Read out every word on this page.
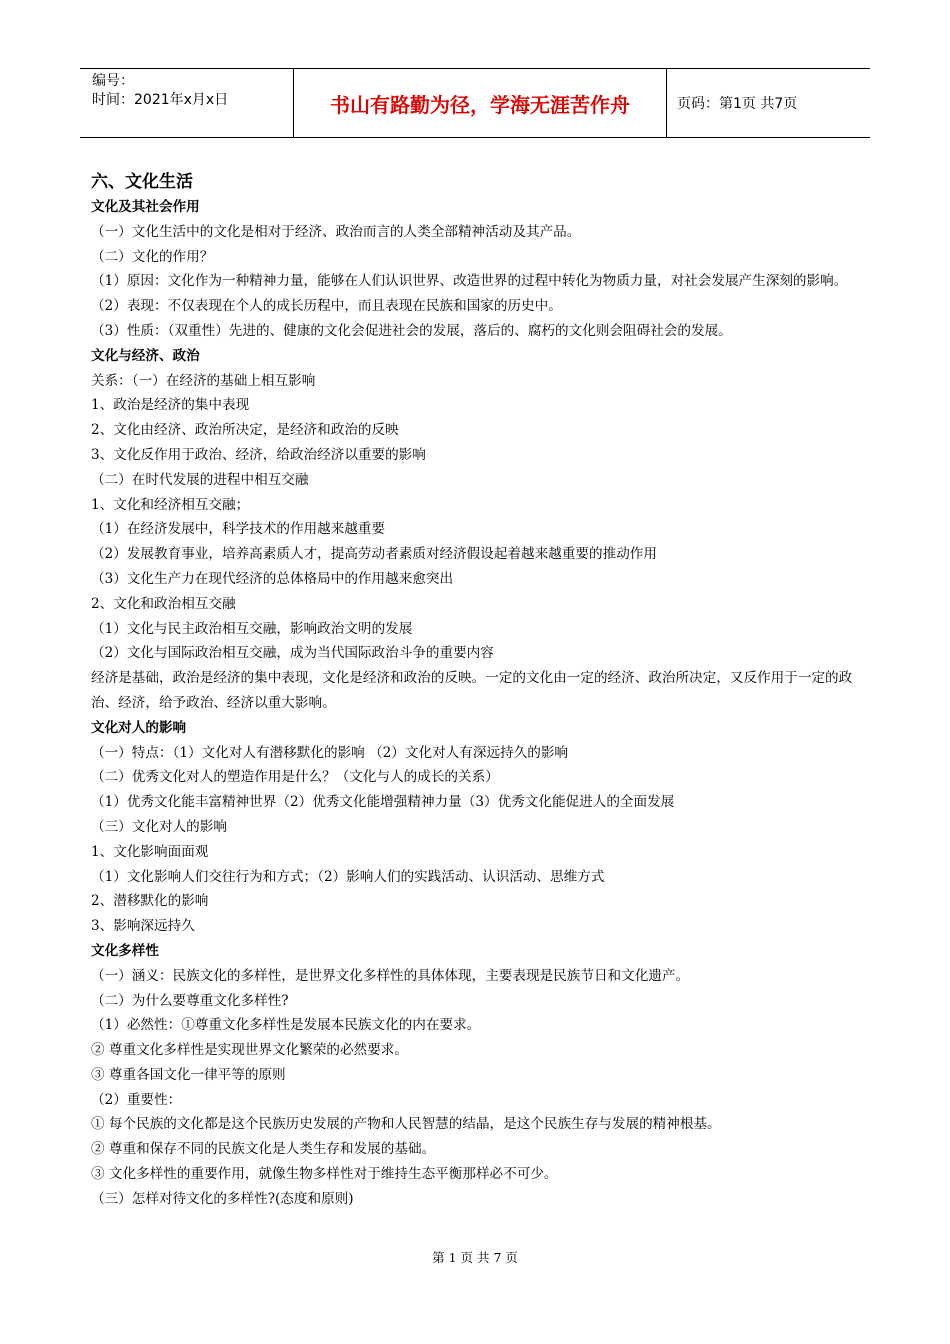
编号：
时间：2021年x月x日	书山有路勤为径，学海无涯苦作舟	页码：第1页 共7页

六、文化生活

文化及其社会作用

（一）文化生活中的文化是相对于经济、政治而言的人类全部精神活动及其产品。

（二）文化的作用？

（1）原因：文化作为一种精神力量，能够在人们认识世界、改造世界的过程中转化为物质力量，对社会发展产生深刻的影响。

（2）表现：不仅表现在个人的成长历程中，而且表现在民族和国家的历史中。

（3）性质：（双重性）先进的、健康的文化会促进社会的发展，落后的、腐朽的文化则会阻碍社会的发展。

文化与经济、政治

关系：（一）在经济的基础上相互影响

1、政治是经济的集中表现

2、文化由经济、政治所决定，是经济和政治的反映

3、文化反作用于政治、经济，给政治经济以重要的影响

（二）在时代发展的进程中相互交融

1、文化和经济相互交融；

（1）在经济发展中，科学技术的作用越来越重要

（2）发展教育事业，培养高素质人才，提高劳动者素质对经济假设起着越来越重要的推动作用

（3）文化生产力在现代经济的总体格局中的作用越来愈突出

2、文化和政治相互交融

（1）文化与民主政治相互交融，影响政治文明的发展

（2）文化与国际政治相互交融，成为当代国际政治斗争的重要内容

经济是基础，政治是经济的集中表现，文化是经济和政治的反映。一定的文化由一定的经济、政治所决定，又反作用于一定的政治、经济，给予政治、经济以重大影响。

文化对人的影响

（一）特点：（1）文化对人有潜移默化的影响 （2）文化对人有深远持久的影响

（二）优秀文化对人的塑造作用是什么？（文化与人的成长的关系）

（1）优秀文化能丰富精神世界（2）优秀文化能增强精神力量（3）优秀文化能促进人的全面发展

（三）文化对人的影响

1、文化影响面面观

（1）文化影响人们交往行为和方式；（2）影响人们的实践活动、认识活动、思维方式

2、潜移默化的影响

3、影响深远持久

文化多样性

（一）涵义：民族文化的多样性，是世界文化多样性的具体体现，主要表现是民族节日和文化遗产。

（二）为什么要尊重文化多样性?

（1）必然性：①尊重文化多样性是发展本民族文化的内在要求。

② 尊重文化多样性是实现世界文化繁荣的必然要求。

③ 尊重各国文化一律平等的原则

（2）重要性：

① 每个民族的文化都是这个民族历史发展的产物和人民智慧的结晶，是这个民族生存与发展的精神根基。

② 尊重和保存不同的民族文化是人类生存和发展的基础。

③ 文化多样性的重要作用，就像生物多样性对于维持生态平衡那样必不可少。

（三）怎样对待文化的多样性?(态度和原则)

第 1 页 共 7 页
